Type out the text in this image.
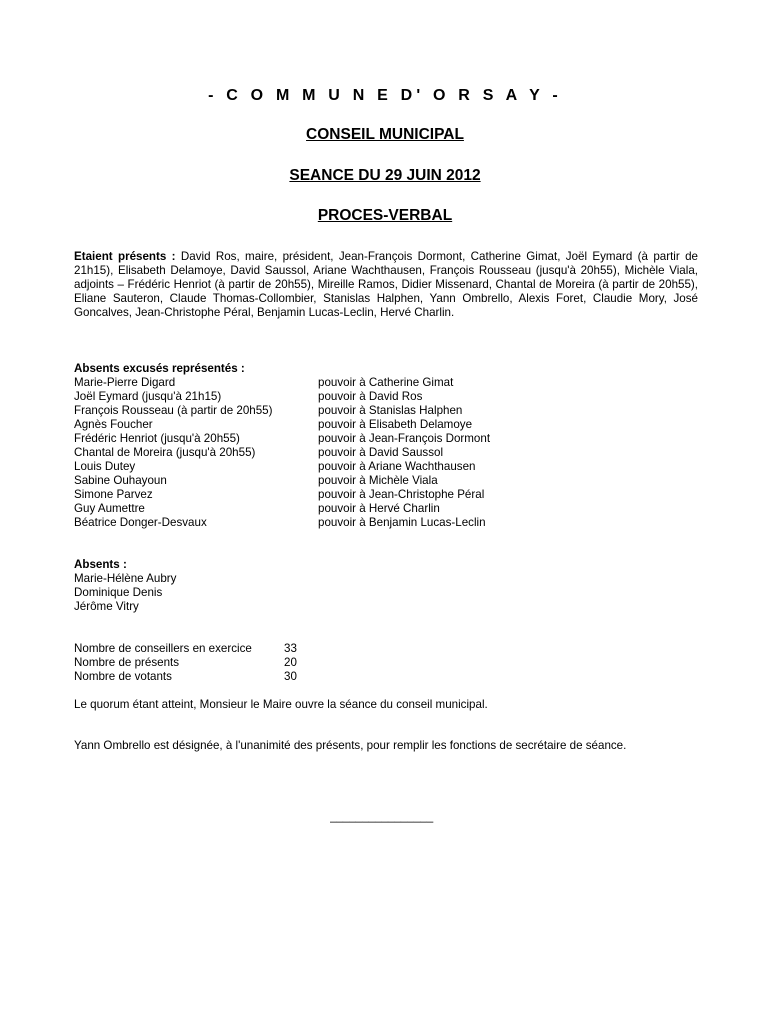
- C O M M U N E D' O R S A Y -
CONSEIL MUNICIPAL
SEANCE DU 29 JUIN 2012
PROCES-VERBAL
Etaient présents : David Ros, maire, président, Jean-François Dormont, Catherine Gimat, Joël Eymard (à partir de 21h15), Elisabeth Delamoye, David Saussol, Ariane Wachthausen, François Rousseau (jusqu'à 20h55), Michèle Viala, adjoints – Frédéric Henriot (à partir de 20h55), Mireille Ramos, Didier Missenard, Chantal de Moreira (à partir de 20h55), Eliane Sauteron, Claude Thomas-Collombier, Stanislas Halphen, Yann Ombrello, Alexis Foret, Claudie Mory, José Goncalves, Jean-Christophe Péral, Benjamin Lucas-Leclin, Hervé Charlin.
Absents excusés représentés :
Marie-Pierre Digard	pouvoir à Catherine Gimat
Joël Eymard (jusqu'à 21h15)	pouvoir à David Ros
François Rousseau (à partir de 20h55)	pouvoir à Stanislas Halphen
Agnès Foucher	pouvoir à Elisabeth Delamoye
Frédéric Henriot (jusqu'à 20h55)	pouvoir à Jean-François Dormont
Chantal de Moreira (jusqu'à 20h55)	pouvoir à David Saussol
Louis Dutey	pouvoir à Ariane Wachthausen
Sabine Ouhayoun	pouvoir à Michèle Viala
Simone Parvez	pouvoir à Jean-Christophe Péral
Guy Aumettre	pouvoir à Hervé Charlin
Béatrice Donger-Desvaux	pouvoir à Benjamin Lucas-Leclin
Absents :
Marie-Hélène Aubry
Dominique Denis
Jérôme Vitry
Nombre de conseillers en exercice	33
Nombre de présents	20
Nombre de votants	30
Le quorum étant atteint, Monsieur le Maire ouvre la séance du conseil municipal.
Yann Ombrello est désignée, à l'unanimité des présents, pour remplir les fonctions de secrétaire de séance.
________________
